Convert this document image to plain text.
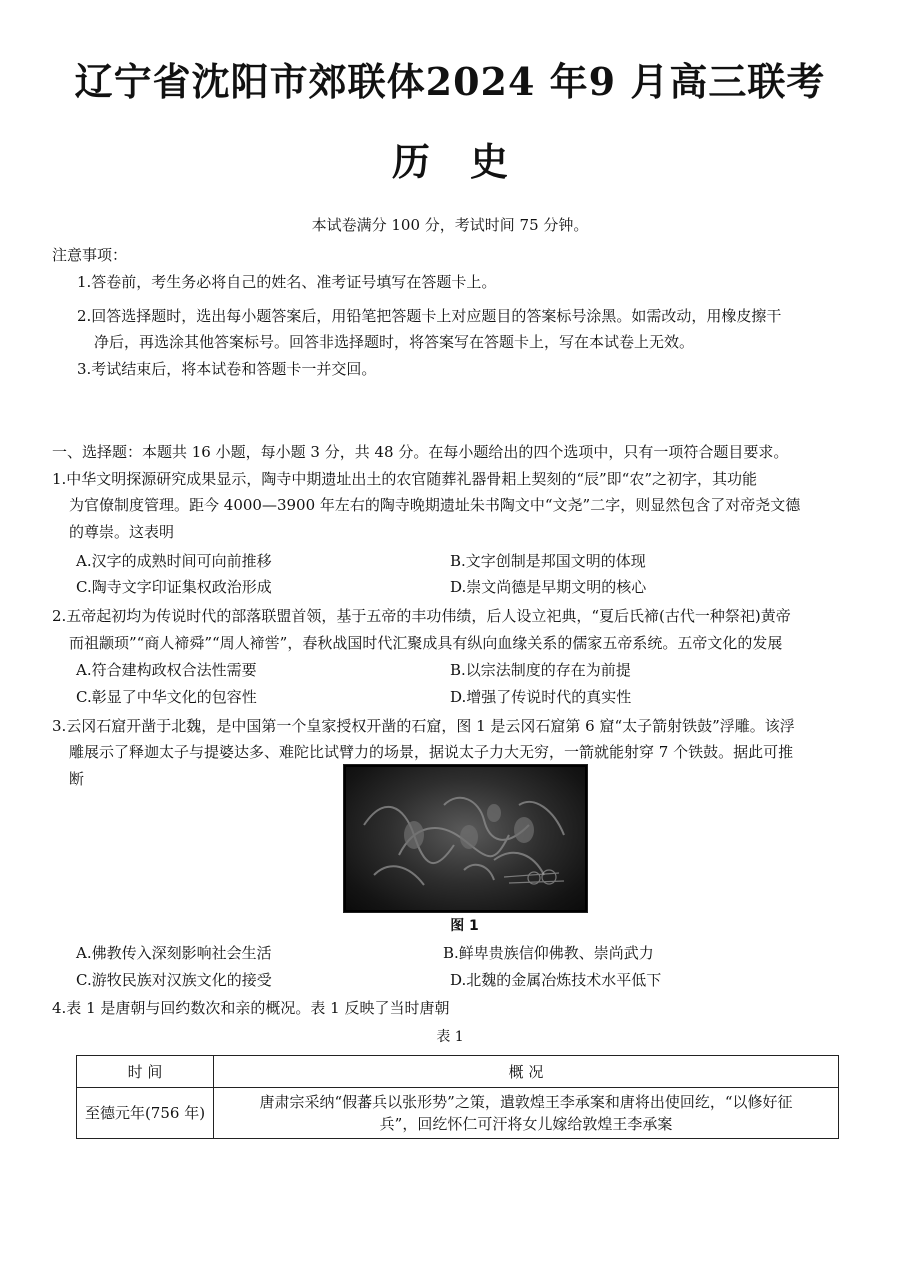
辽宁省沈阳市郊联体2024 年9 月高三联考
历史
本试卷满分 100 分，考试时间 75 分钟。
注意事项：
1.答卷前，考生务必将自己的姓名、准考证号填写在答题卡上。
2.回答选择题时，选出每小题答案后，用铅笔把答题卡上对应题目的答案标号涂黑。如需改动，用橡皮擦干
净后，再选涂其他答案标号。回答非选择题时，将答案写在答题卡上，写在本试卷上无效。
3.考试结束后，将本试卷和答题卡一并交回。
一、选择题：本题共 16 小题，每小题 3 分，共 48 分。在每小题给出的四个选项中，只有一项符合题目要求。
1.中华文明探源研究成果显示，陶寺中期遗址出土的农官随葬礼器骨耜上契刻的“辰”即“农”之初字，其功能
为官僚制度管理。距今 4000—3900 年左右的陶寺晚期遗址朱书陶文中“文尧”二字，则显然包含了对帝尧文德
的尊崇。这表明
A.汉字的成熟时间可向前推移	B.文字创制是邦国文明的体现
C.陶寺文字印证集权政治形成	D.崇文尚德是早期文明的核心
2.五帝起初均为传说时代的部落联盟首领，基于五帝的丰功伟绩，后人设立祀典，“夏后氏褅(古代一种祭祀)黄帝
而祖颛顼”“商人褅舜”“周人褅喾”，春秋战国时代汇聚成具有纵向血缘关系的儒家五帝系统。五帝文化的发展
A.符合建构政权合法性需要	B.以宗法制度的存在为前提
C.彰显了中华文化的包容性	D.增强了传说时代的真实性
3.云冈石窟开凿于北魏，是中国第一个皇家授权开凿的石窟，图 1 是云冈石窟第 6 窟“太子箭射铁鼓”浮雕。该浮
雕展示了释迦太子与提婆达多、难陀比试臂力的场景，据说太子力大无穷，一箭就能射穿 7 个铁鼓。据此可推
断
图 1
A.佛教传入深刻影响社会生活	B.鲜卑贵族信仰佛教、崇尚武力
C.游牧民族对汉族文化的接受	D.北魏的金属冶炼技术水平低下
4.表 1 是唐朝与回约数次和亲的概况。表 1 反映了当时唐朝
表 1
时 间	概 况
至德元年(756 年)	唐肃宗采纳“假蕃兵以张形势”之策，遣敦煌王李承案和唐将出使回纥，“以修好征
兵”，回纥怀仁可汗将女儿嫁给敦煌王李承案
